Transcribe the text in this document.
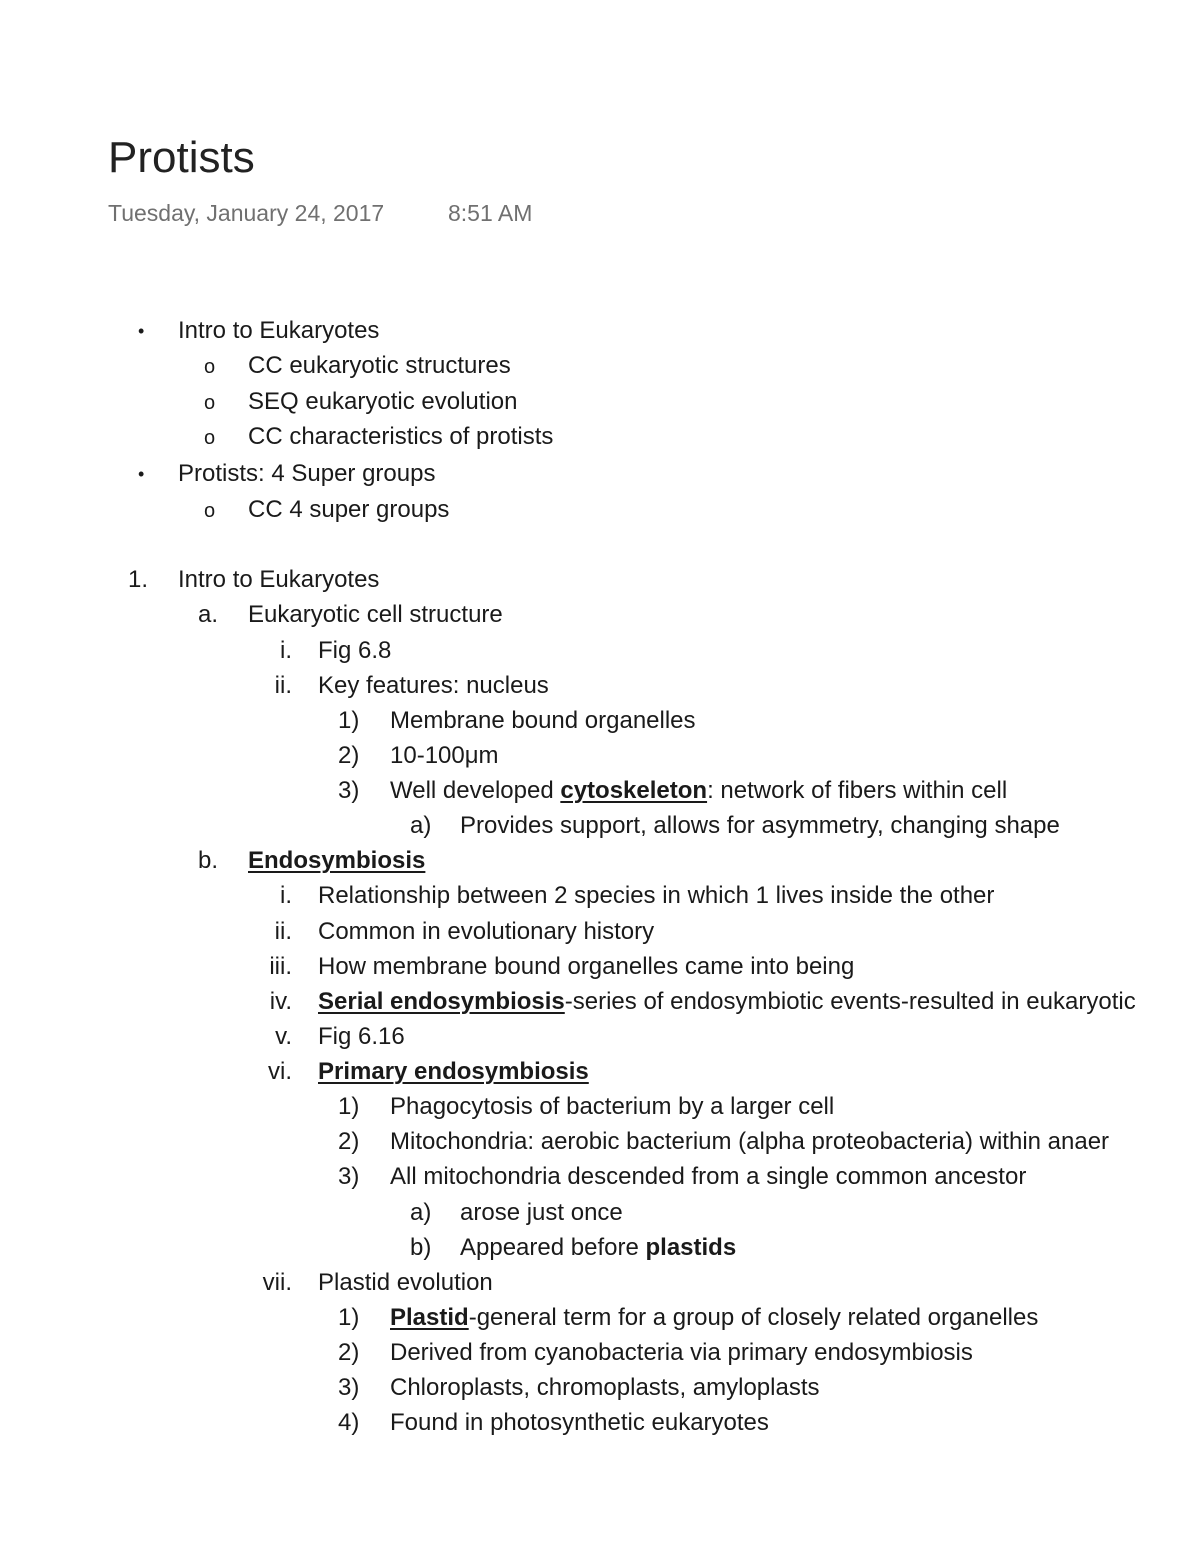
Protists
Tuesday, January 24, 2017	8:51 AM
• Intro to Eukaryotes
o CC eukaryotic structures
o SEQ eukaryotic evolution
o CC characteristics of protists
• Protists: 4 Super groups
o CC 4 super groups
1. Intro to Eukaryotes
a. Eukaryotic cell structure
i. Fig 6.8
ii. Key features: nucleus
1) Membrane bound organelles
2) 10-100μm
3) Well developed cytoskeleton: network of fibers within cell
a) Provides support, allows for asymmetry, changing shape
b. Endosymbiosis
i. Relationship between 2 species in which 1 lives inside the other
ii. Common in evolutionary history
iii. How membrane bound organelles came into being
iv. Serial endosymbiosis-series of endosymbiotic events-resulted in eukaryotic
v. Fig 6.16
vi. Primary endosymbiosis
1) Phagocytosis of bacterium by a larger cell
2) Mitochondria: aerobic bacterium (alpha proteobacteria) within anaer
3) All mitochondria descended from a single common ancestor
a) arose just once
b) Appeared before plastids
vii. Plastid evolution
1) Plastid-general term for a group of closely related organelles
2) Derived from cyanobacteria via primary endosymbiosis
3) Chloroplasts, chromoplasts, amyloplasts
4) Found in photosynthetic eukaryotes
